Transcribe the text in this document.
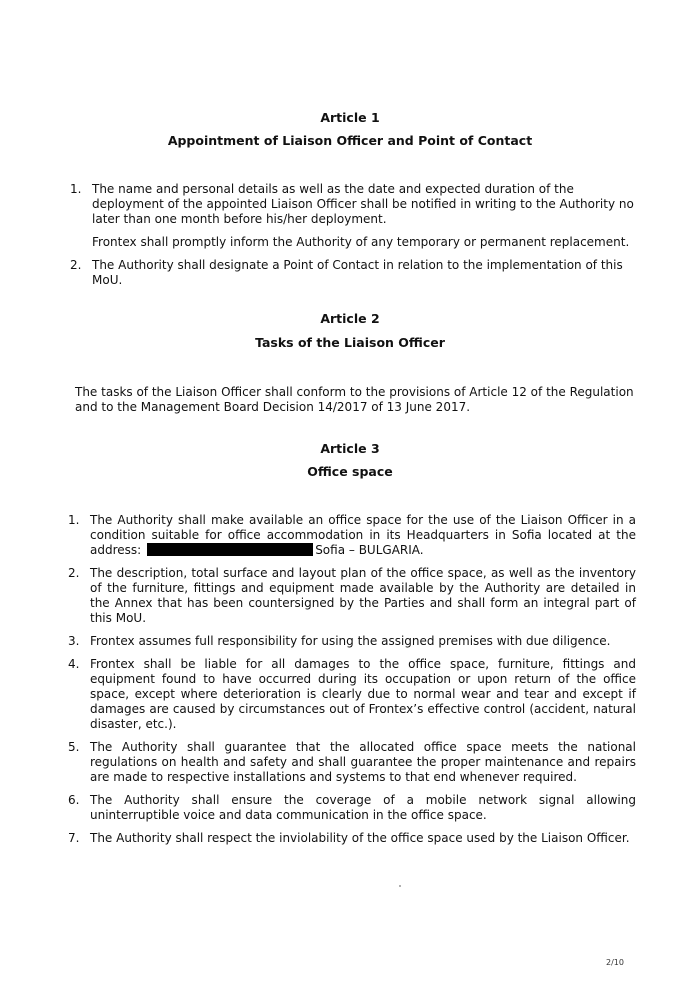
Article 1
Appointment of Liaison Officer and Point of Contact
1. The name and personal details as well as the date and expected duration of the deployment of the appointed Liaison Officer shall be notified in writing to the Authority no later than one month before his/her deployment.
Frontex shall promptly inform the Authority of any temporary or permanent replacement.
2. The Authority shall designate a Point of Contact in relation to the implementation of this MoU.
Article 2
Tasks of the Liaison Officer
The tasks of the Liaison Officer shall conform to the provisions of Article 12 of the Regulation and to the Management Board Decision 14/2017 of 13 June 2017.
Article 3
Office space
1. The Authority shall make available an office space for the use of the Liaison Officer in a condition suitable for office accommodation in its Headquarters in Sofia located at the address:	Sofia – BULGARIA.
2. The description, total surface and layout plan of the office space, as well as the inventory of the furniture, fittings and equipment made available by the Authority are detailed in the Annex that has been countersigned by the Parties and shall form an integral part of this MoU.
3. Frontex assumes full responsibility for using the assigned premises with due diligence.
4. Frontex shall be liable for all damages to the office space, furniture, fittings and equipment found to have occurred during its occupation or upon return of the office space, except where deterioration is clearly due to normal wear and tear and except if damages are caused by circumstances out of Frontex’s effective control (accident, natural disaster, etc.).
5. The Authority shall guarantee that the allocated office space meets the national regulations on health and safety and shall guarantee the proper maintenance and repairs are made to respective installations and systems to that end whenever required.
6. The Authority shall ensure the coverage of a mobile network signal allowing uninterruptible voice and data communication in the office space.
7. The Authority shall respect the inviolability of the office space used by the Liaison Officer.
2/10
